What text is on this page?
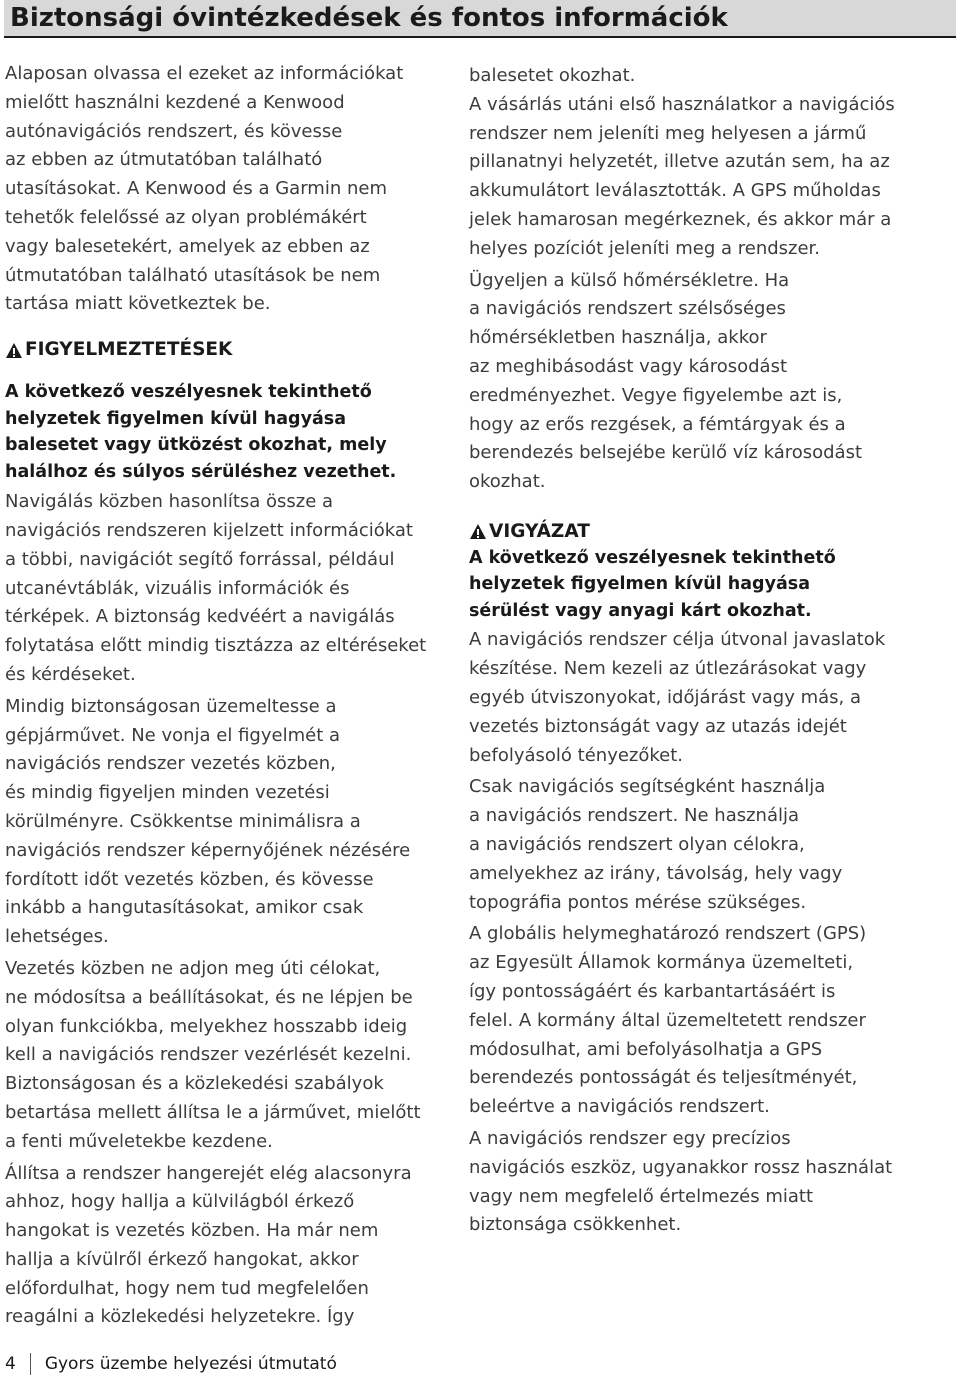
Biztonsági óvintézkedések és fontos információk

Alaposan olvassa el ezeket az információkat
mielőtt használni kezdené a Kenwood
autónavigációs rendszert, és kövesse
az ebben az útmutatóban található
utasításokat. A Kenwood és a Garmin nem
tehetők felelőssé az olyan problémákért
vagy balesetekért, amelyek az ebben az
útmutatóban található utasítások be nem
tartása miatt következtek be.

FIGYELMEZTETÉSEK

A következő veszélyesnek tekinthető
helyzetek figyelmen kívül hagyása
balesetet vagy ütközést okozhat, mely
halálhoz és súlyos sérüléshez vezethet.

Navigálás közben hasonlítsa össze a
navigációs rendszeren kijelzett információkat
a többi, navigációt segítő forrással, például
utcanévtáblák, vizuális információk és
térképek. A biztonság kedvéért a navigálás
folytatása előtt mindig tisztázza az eltéréseket
és kérdéseket.

Mindig biztonságosan üzemeltesse a
gépjárművet. Ne vonja el figyelmét a
navigációs rendszer vezetés közben,
és mindig figyeljen minden vezetési
körülményre. Csökkentse minimálisra a
navigációs rendszer képernyőjének nézésére
fordított időt vezetés közben, és kövesse
inkább a hangutasításokat, amikor csak
lehetséges.

Vezetés közben ne adjon meg úti célokat,
ne módosítsa a beállításokat, és ne lépjen be
olyan funkciókba, melyekhez hosszabb ideig
kell a navigációs rendszer vezérlését kezelni.
Biztonságosan és a közlekedési szabályok
betartása mellett állítsa le a járművet, mielőtt
a fenti műveletekbe kezdene.

Állítsa a rendszer hangerejét elég alacsonyra
ahhoz, hogy hallja a külvilágból érkező
hangokat is vezetés közben. Ha már nem
hallja a kívülről érkező hangokat, akkor
előfordulhat, hogy nem tud megfelelően
reagálni a közlekedési helyzetekre. Így

balesetet okozhat.
A vásárlás utáni első használatkor a navigációs
rendszer nem jeleníti meg helyesen a jármű
pillanatnyi helyzetét, illetve azután sem, ha az
akkumulátort leválasztották. A GPS műholdas
jelek hamarosan megérkeznek, és akkor már a
helyes pozíciót jeleníti meg a rendszer.

Ügyeljen a külső hőmérsékletre. Ha
a navigációs rendszert szélsőséges
hőmérsékletben használja, akkor
az meghibásodást vagy károsodást
eredményezhet. Vegye figyelembe azt is,
hogy az erős rezgések, a fémtárgyak és a
berendezés belsejébe kerülő víz károsodást
okozhat.

VIGYÁZAT

A következő veszélyesnek tekinthető
helyzetek figyelmen kívül hagyása
sérülést vagy anyagi kárt okozhat.

A navigációs rendszer célja útvonal javaslatok
készítése. Nem kezeli az útlezárásokat vagy
egyéb útviszonyokat, időjárást vagy más, a
vezetés biztonságát vagy az utazás idejét
befolyásoló tényezőket.

Csak navigációs segítségként használja
a navigációs rendszert. Ne használja
a navigációs rendszert olyan célokra,
amelyekhez az irány, távolság, hely vagy
topográfia pontos mérése szükséges.

A globális helymeghatározó rendszert (GPS)
az Egyesült Államok kormánya üzemelteti,
így pontosságáért és karbantartásáért is
felel. A kormány által üzemeltetett rendszer
módosulhat, ami befolyásolhatja a GPS
berendezés pontosságát és teljesítményét,
beleértve a navigációs rendszert.

A navigációs rendszer egy precízios
navigációs eszköz, ugyanakkor rossz használat
vagy nem megfelelő értelmezés miatt
biztonsága csökkenhet.

4 Gyors üzembe helyezési útmutató
